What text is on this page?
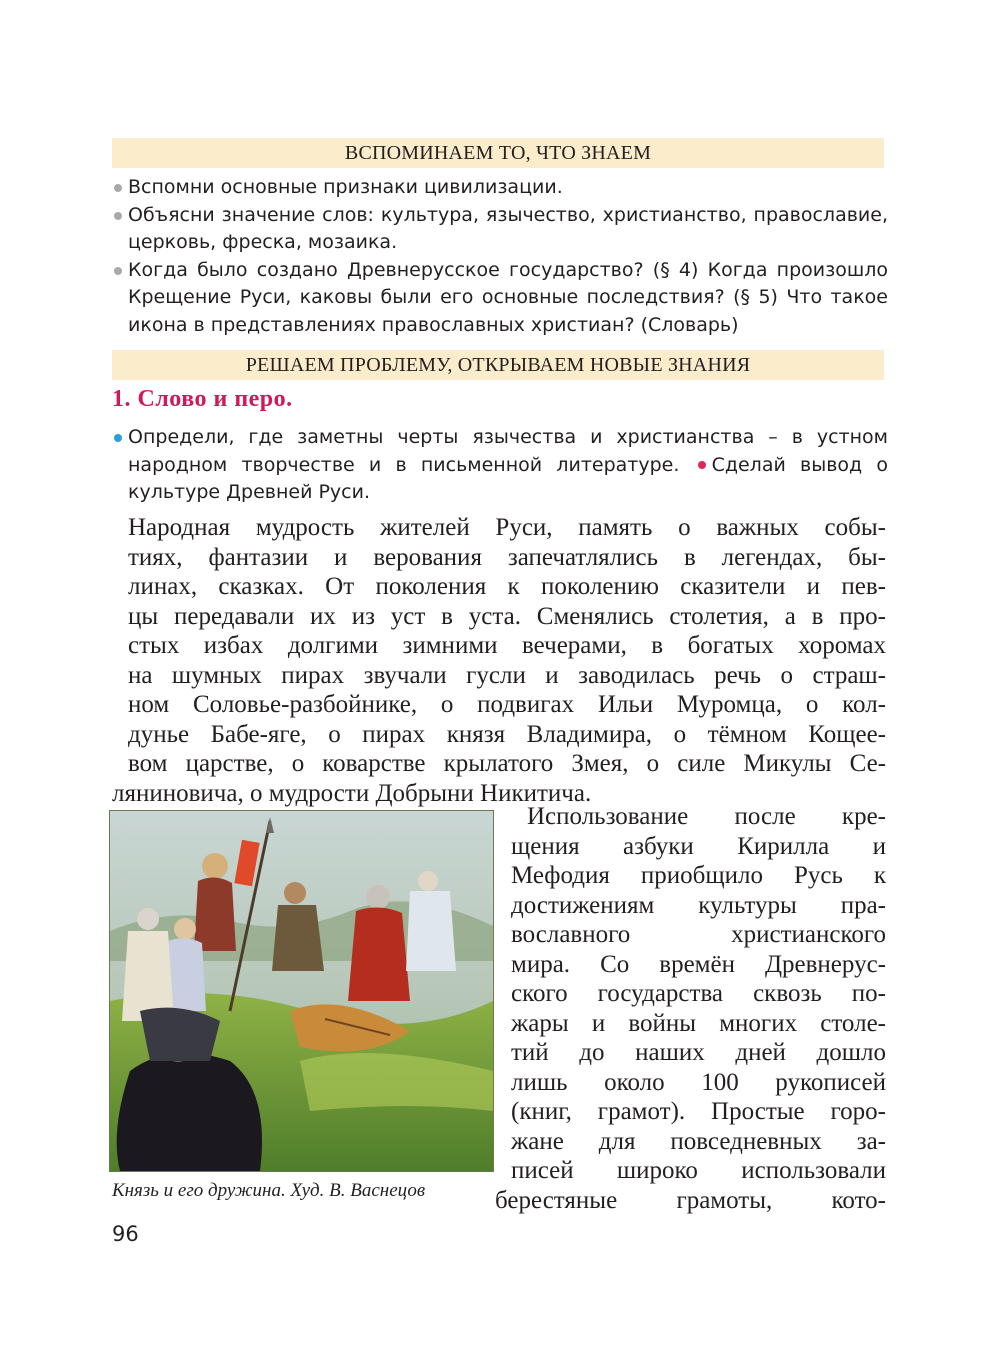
ВСПОМИНАЕМ ТО, ЧТО ЗНАЕМ
Вспомни основные признаки цивилизации.
Объясни значение слов: культура, язычество, христианство, православие, церковь, фреска, мозаика.
Когда было создано Древнерусское государство? (§ 4) Когда произошло Крещение Руси, каковы были его основные последствия? (§ 5) Что такое икона в представлениях православных христиан? (Словарь)
РЕШАЕМ ПРОБЛЕМУ, ОТКРЫВАЕМ НОВЫЕ ЗНАНИЯ
1. Слово и перо.
Определи, где заметны черты язычества и христианства – в устном народном творчестве и в письменной литературе. Сделай вывод о культуре Древней Руси.
Народная мудрость жителей Руси, память о важных собы-
тиях, фантазии и верования запечатлялись в легендах, бы-
линах, сказках. От поколения к поколению сказители и пев-
цы передавали их из уст в уста. Сменялись столетия, а в про-
стых избах долгими зимними вечерами, в богатых хоромах
на шумных пирах звучали гусли и заводилась речь о страш-
ном Соловье-разбойнике, о подвигах Ильи Муромца, о кол-
дунье Бабе-яге, о пирах князя Владимира, о тёмном Кощее-
вом царстве, о коварстве крылатого Змея, о силе Микулы Се-
ляниновича, о мудрости Добрыни Никитича.
Использование после кре-
щения азбуки Кирилла и
Мефодия приобщило Русь к
достижениям культуры пра-
вославного христианского
мира. Со времён Древнерус-
ского государства сквозь по-
жары и войны многих столе-
тий до наших дней дошло
лишь около 100 рукописей
(книг, грамот). Простые горо-
жане для повседневных за-
писей широко использовали
берестяные грамоты, кото-
Князь и его дружина. Худ. В. Васнецов
96
